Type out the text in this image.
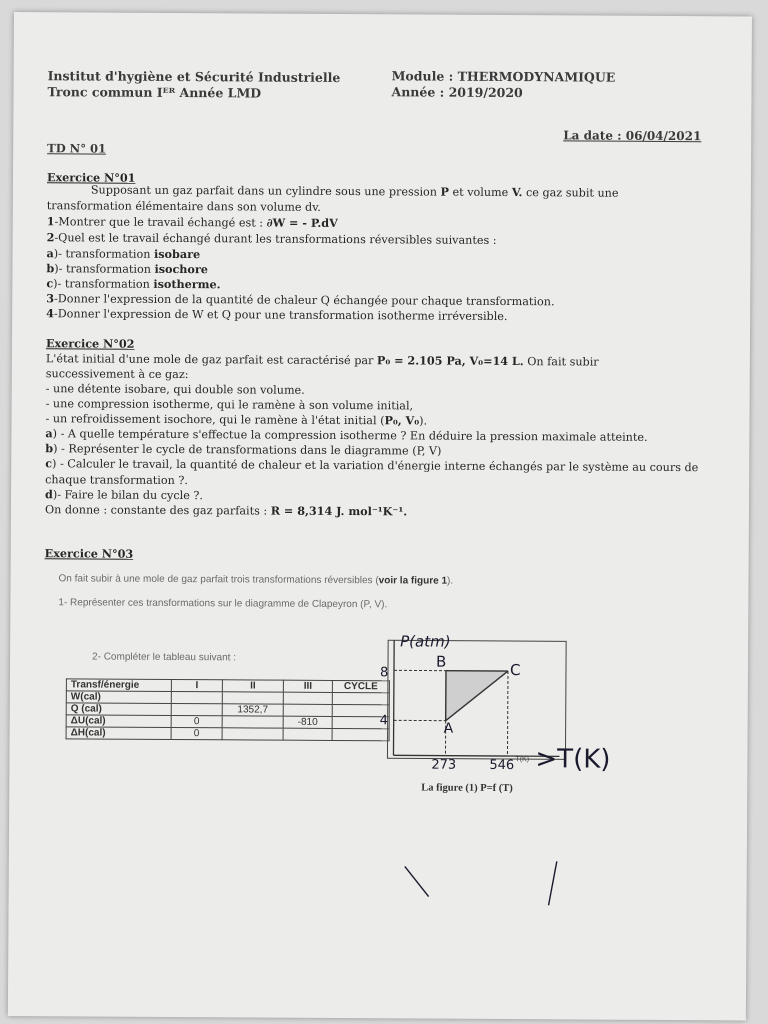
Institut d'hygiène et Sécurité Industrielle
Tronc commun Iᴱᴿ Année LMD
Module : THERMODYNAMIQUE
Année : 2019/2020
La date : 06/04/2021
TD N° 01
Exercice N°01
Supposant un gaz parfait dans un cylindre sous une pression P et volume V. ce gaz subit une transformation élémentaire dans son volume dv.
1-Montrer que le travail échangé est : ∂W = - P.dV
2-Quel est le travail échangé durant les transformations réversibles suivantes :
a)- transformation isobare
b)- transformation isochore
c)- transformation isotherme.
3-Donner l'expression de la quantité de chaleur Q échangée pour chaque transformation.
4-Donner l'expression de W et Q pour une transformation isotherme irréversible.
Exercice N°02
L'état initial d'une mole de gaz parfait est caractérisé par P₀ = 2.105 Pa, V₀=14 L. On fait subir
successivement à ce gaz:
- une détente isobare, qui double son volume.
- une compression isotherme, qui le ramène à son volume initial,
- un refroidissement isochore, qui le ramène à l'état initial (P₀, V₀).
a) - A quelle température s'effectue la compression isotherme ? En déduire la pression maximale atteinte.
b) - Représenter le cycle de transformations dans le diagramme (P, V)
c) - Calculer le travail, la quantité de chaleur et la variation d'énergie interne échangés par le système au cours de chaque transformation ?.
d)- Faire le bilan du cycle ?.
On donne : constante des gaz parfaits : R = 8,314 J. mol⁻¹K⁻¹.
Exercice N°03
On fait subir à une mole de gaz parfait trois transformations réversibles (voir la figure 1).
1- Représenter ces transformations sur le diagramme de Clapeyron (P, V).
2- Compléter le tableau suivant :
Transf/énergie	I	II	III	CYCLE
W(cal)				
Q (cal)		1352,7		
ΔU(cal)	0		-810	
ΔH(cal)	0			
P(atm)
8
4
B	C
A
273	546 T(K) >T(K)
La figure (1) P=f (T)
